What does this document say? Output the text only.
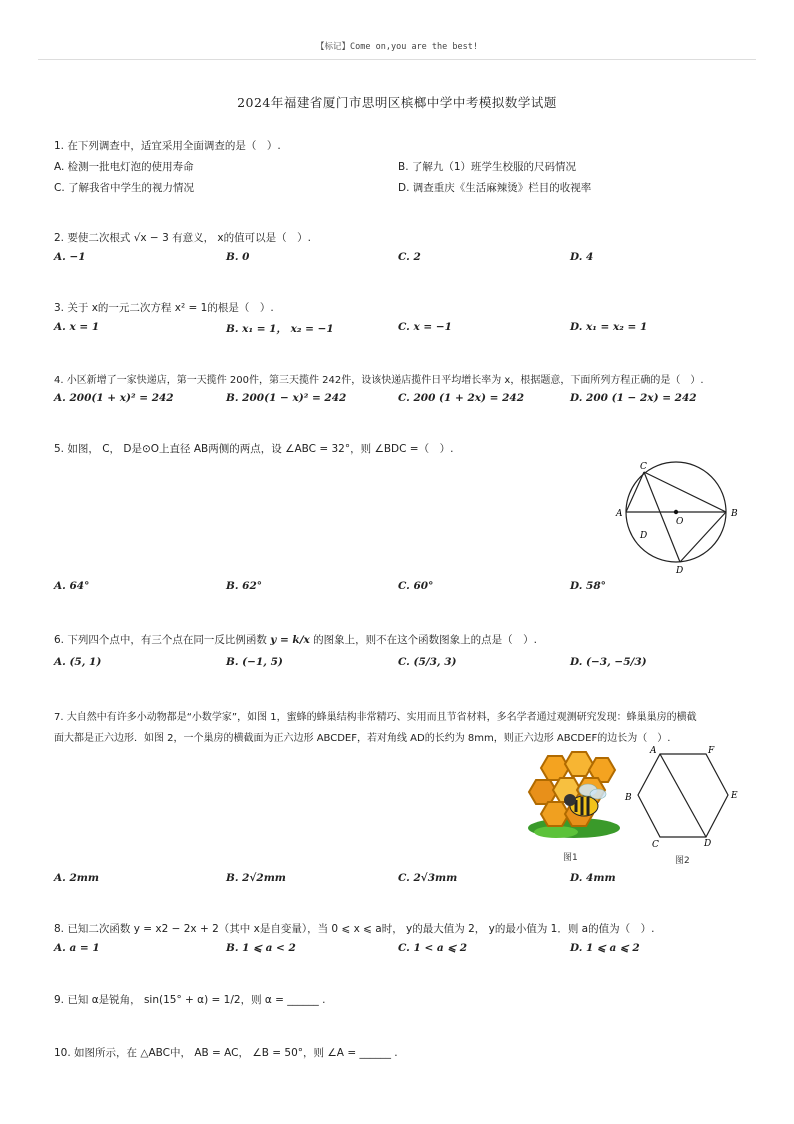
【标记】Come on,you are the best!
2024年福建省厦门市思明区槟榔中学中考模拟数学试题
1. 在下列调查中，适宜采用全面调查的是（　）.
A. 检测一批电灯泡的使用寿命	B. 了解九（1）班学生校服的尺码情况
C. 了解我省中学生的视力情况	D. 调查重庆《生活麻辣烫》栏目的收视率
2. 要使二次根式 √x − 3 有意义， x的值可以是（　）.
A. −1	B. 0	C. 2	D. 4
3. 关于 x的一元二次方程 x² = 1的根是（　）.
A. x = 1	B. x₁ = 1， x₂ = −1	C. x = −1	D. x₁ = x₂ = 1
4. 小区新增了一家快递店，第一天揽件 200件，第三天揽件 242件，设该快递店揽件日平均增长率为 x，根据题意，下面所列方程正确的是（　）.
A. 200(1 + x)² = 242	B. 200(1 − x)² = 242	C. 200 (1 + 2x) = 242	D. 200 (1 − 2x) = 242
5. 如图， C， D是⊙O上直径 AB两侧的两点，设 ∠ABC = 32°，则 ∠BDC =（　）.
C
A
O
B
D
D
A. 64°	B. 62°	C. 60°	D. 58°
6. 下列四个点中，有三个点在同一反比例函数 y = k/x 的图象上，则不在这个函数图象上的点是（　）.
A. (5, 1)	B. (−1, 5)	C. (5/3, 3)	D. (−3, −5/3)
7. 大自然中有许多小动物都是“小数学家”，如图 1，蜜蜂的蜂巢结构非常精巧、实用而且节省材料，多名学者通过观测研究发现：蜂巢巢房的横截
面大都是正六边形．如图 2，一个巢房的横截面为正六边形 ABCDEF，若对角线 AD的长约为 8mm，则正六边形 ABCDEF的边长为（　）.
图1
A	F
B	E
C	D
图2
A. 2mm	B. 2√2mm	C. 2√3mm	D. 4mm
8. 已知二次函数 y = x2 − 2x + 2（其中 x是自变量），当 0 ⩽ x ⩽ a时， y的最大值为 2， y的最小值为 1．则 a的值为（　）.
A. a = 1	B. 1 ⩽ a < 2	C. 1 < a ⩽ 2	D. 1 ⩽ a ⩽ 2
9. 已知 α是锐角， sin(15° + α) = 1/2，则 α = ______ .
10. 如图所示，在 △ABC中， AB = AC， ∠B = 50°，则 ∠A = ______ .
